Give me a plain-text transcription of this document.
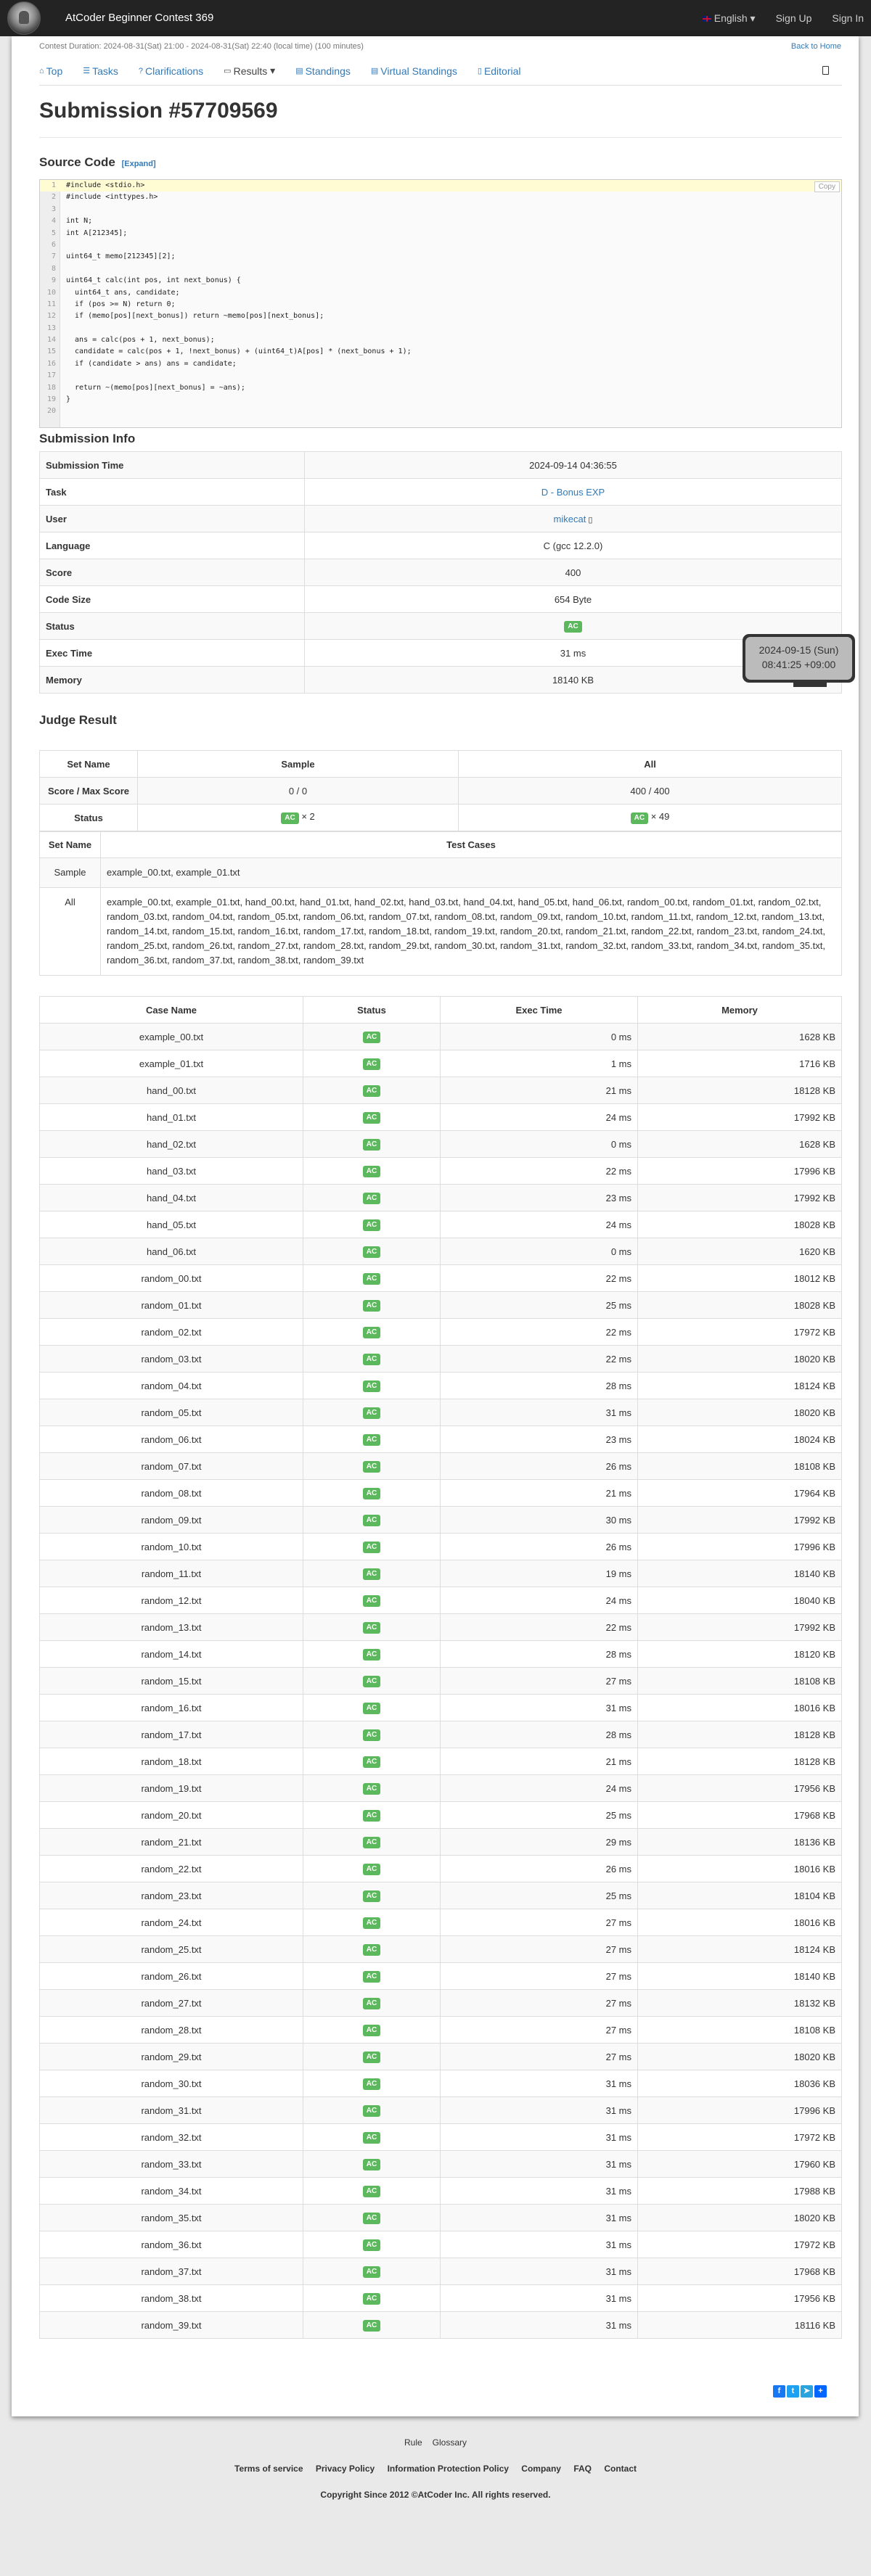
AtCoder Beginner Contest 369	English ▾ Sign Up Sign In
Contest Duration: 2024-08-31(Sat) 21:00 - 2024-08-31(Sat) 22:40 (local time) (100 minutes)	Back to Home
⌂ Top	☰ Tasks	? Clarifications	▭ Results ▾	▤ Standings	▤ Virtual Standings	▯ Editorial
Submission #57709569
Source Code [Expand]
1 #include <stdio.h>
2 #include <inttypes.h>
3
4 int N;
5 int A[212345];
6
7 uint64_t memo[212345][2];
8
9 uint64_t calc(int pos, int next_bonus) {
10 uint64_t ans, candidate;
11 if (pos >= N) return 0;
12 if (memo[pos][next_bonus]) return ~memo[pos][next_bonus];
13
14 ans = calc(pos + 1, next_bonus);
15 candidate = calc(pos + 1, !next_bonus) + (uint64_t)A[pos] * (next_bonus + 1);
16 if (candidate > ans) ans = candidate;
17
18 return ~(memo[pos][next_bonus] = ~ans);
19 }
20
Copy
Submission Info
Submission Time	2024-09-14 04:36:55
Task	D - Bonus EXP
User	mikecat ▯
Language	C (gcc 12.2.0)
Score	400
Code Size	654 Byte
Status	AC
Exec Time	31 ms
Memory	18140 KB
Judge Result
Set Name	Sample	All
Score / Max Score	0 / 0	400 / 400
Status	AC × 2	AC × 49
Set Name	Test Cases
Sample	example_00.txt, example_01.txt
All	example_00.txt, example_01.txt, hand_00.txt, hand_01.txt, hand_02.txt, hand_03.txt, hand_04.txt, hand_05.txt, hand_06.txt, random_00.txt, random_01.txt, random_02.txt, random_03.txt, random_04.txt, random_05.txt, random_06.txt, random_07.txt, random_08.txt, random_09.txt, random_10.txt, random_11.txt, random_12.txt, random_13.txt, random_14.txt, random_15.txt, random_16.txt, random_17.txt, random_18.txt, random_19.txt, random_20.txt, random_21.txt, random_22.txt, random_23.txt, random_24.txt, random_25.txt, random_26.txt, random_27.txt, random_28.txt, random_29.txt, random_30.txt, random_31.txt, random_32.txt, random_33.txt, random_34.txt, random_35.txt, random_36.txt, random_37.txt, random_38.txt, random_39.txt
Case Name	Status	Exec Time	Memory
example_00.txt	AC	0 ms	1628 KB
example_01.txt	AC	1 ms	1716 KB
hand_00.txt	AC	21 ms	18128 KB
hand_01.txt	AC	24 ms	17992 KB
hand_02.txt	AC	0 ms	1628 KB
hand_03.txt	AC	22 ms	17996 KB
hand_04.txt	AC	23 ms	17992 KB
hand_05.txt	AC	24 ms	18028 KB
hand_06.txt	AC	0 ms	1620 KB
random_00.txt	AC	22 ms	18012 KB
random_01.txt	AC	25 ms	18028 KB
random_02.txt	AC	22 ms	17972 KB
random_03.txt	AC	22 ms	18020 KB
random_04.txt	AC	28 ms	18124 KB
random_05.txt	AC	31 ms	18020 KB
random_06.txt	AC	23 ms	18024 KB
random_07.txt	AC	26 ms	18108 KB
random_08.txt	AC	21 ms	17964 KB
random_09.txt	AC	30 ms	17992 KB
random_10.txt	AC	26 ms	17996 KB
random_11.txt	AC	19 ms	18140 KB
random_12.txt	AC	24 ms	18040 KB
random_13.txt	AC	22 ms	17992 KB
random_14.txt	AC	28 ms	18120 KB
random_15.txt	AC	27 ms	18108 KB
random_16.txt	AC	31 ms	18016 KB
random_17.txt	AC	28 ms	18128 KB
random_18.txt	AC	21 ms	18128 KB
random_19.txt	AC	24 ms	17956 KB
random_20.txt	AC	25 ms	17968 KB
random_21.txt	AC	29 ms	18136 KB
random_22.txt	AC	26 ms	18016 KB
random_23.txt	AC	25 ms	18104 KB
random_24.txt	AC	27 ms	18016 KB
random_25.txt	AC	27 ms	18124 KB
random_26.txt	AC	27 ms	18140 KB
random_27.txt	AC	27 ms	18132 KB
random_28.txt	AC	27 ms	18108 KB
random_29.txt	AC	27 ms	18020 KB
random_30.txt	AC	31 ms	18036 KB
random_31.txt	AC	31 ms	17996 KB
random_32.txt	AC	31 ms	17972 KB
random_33.txt	AC	31 ms	17960 KB
random_34.txt	AC	31 ms	17988 KB
random_35.txt	AC	31 ms	18020 KB
random_36.txt	AC	31 ms	17972 KB
random_37.txt	AC	31 ms	17968 KB
random_38.txt	AC	31 ms	17956 KB
random_39.txt	AC	31 ms	18116 KB
f	t	➤	+
2024-09-15 (Sun)
08:41:25 +09:00
Rule Glossary
Terms of service Privacy Policy Information Protection Policy Company FAQ Contact
Copyright Since 2012 ©AtCoder Inc. All rights reserved.
